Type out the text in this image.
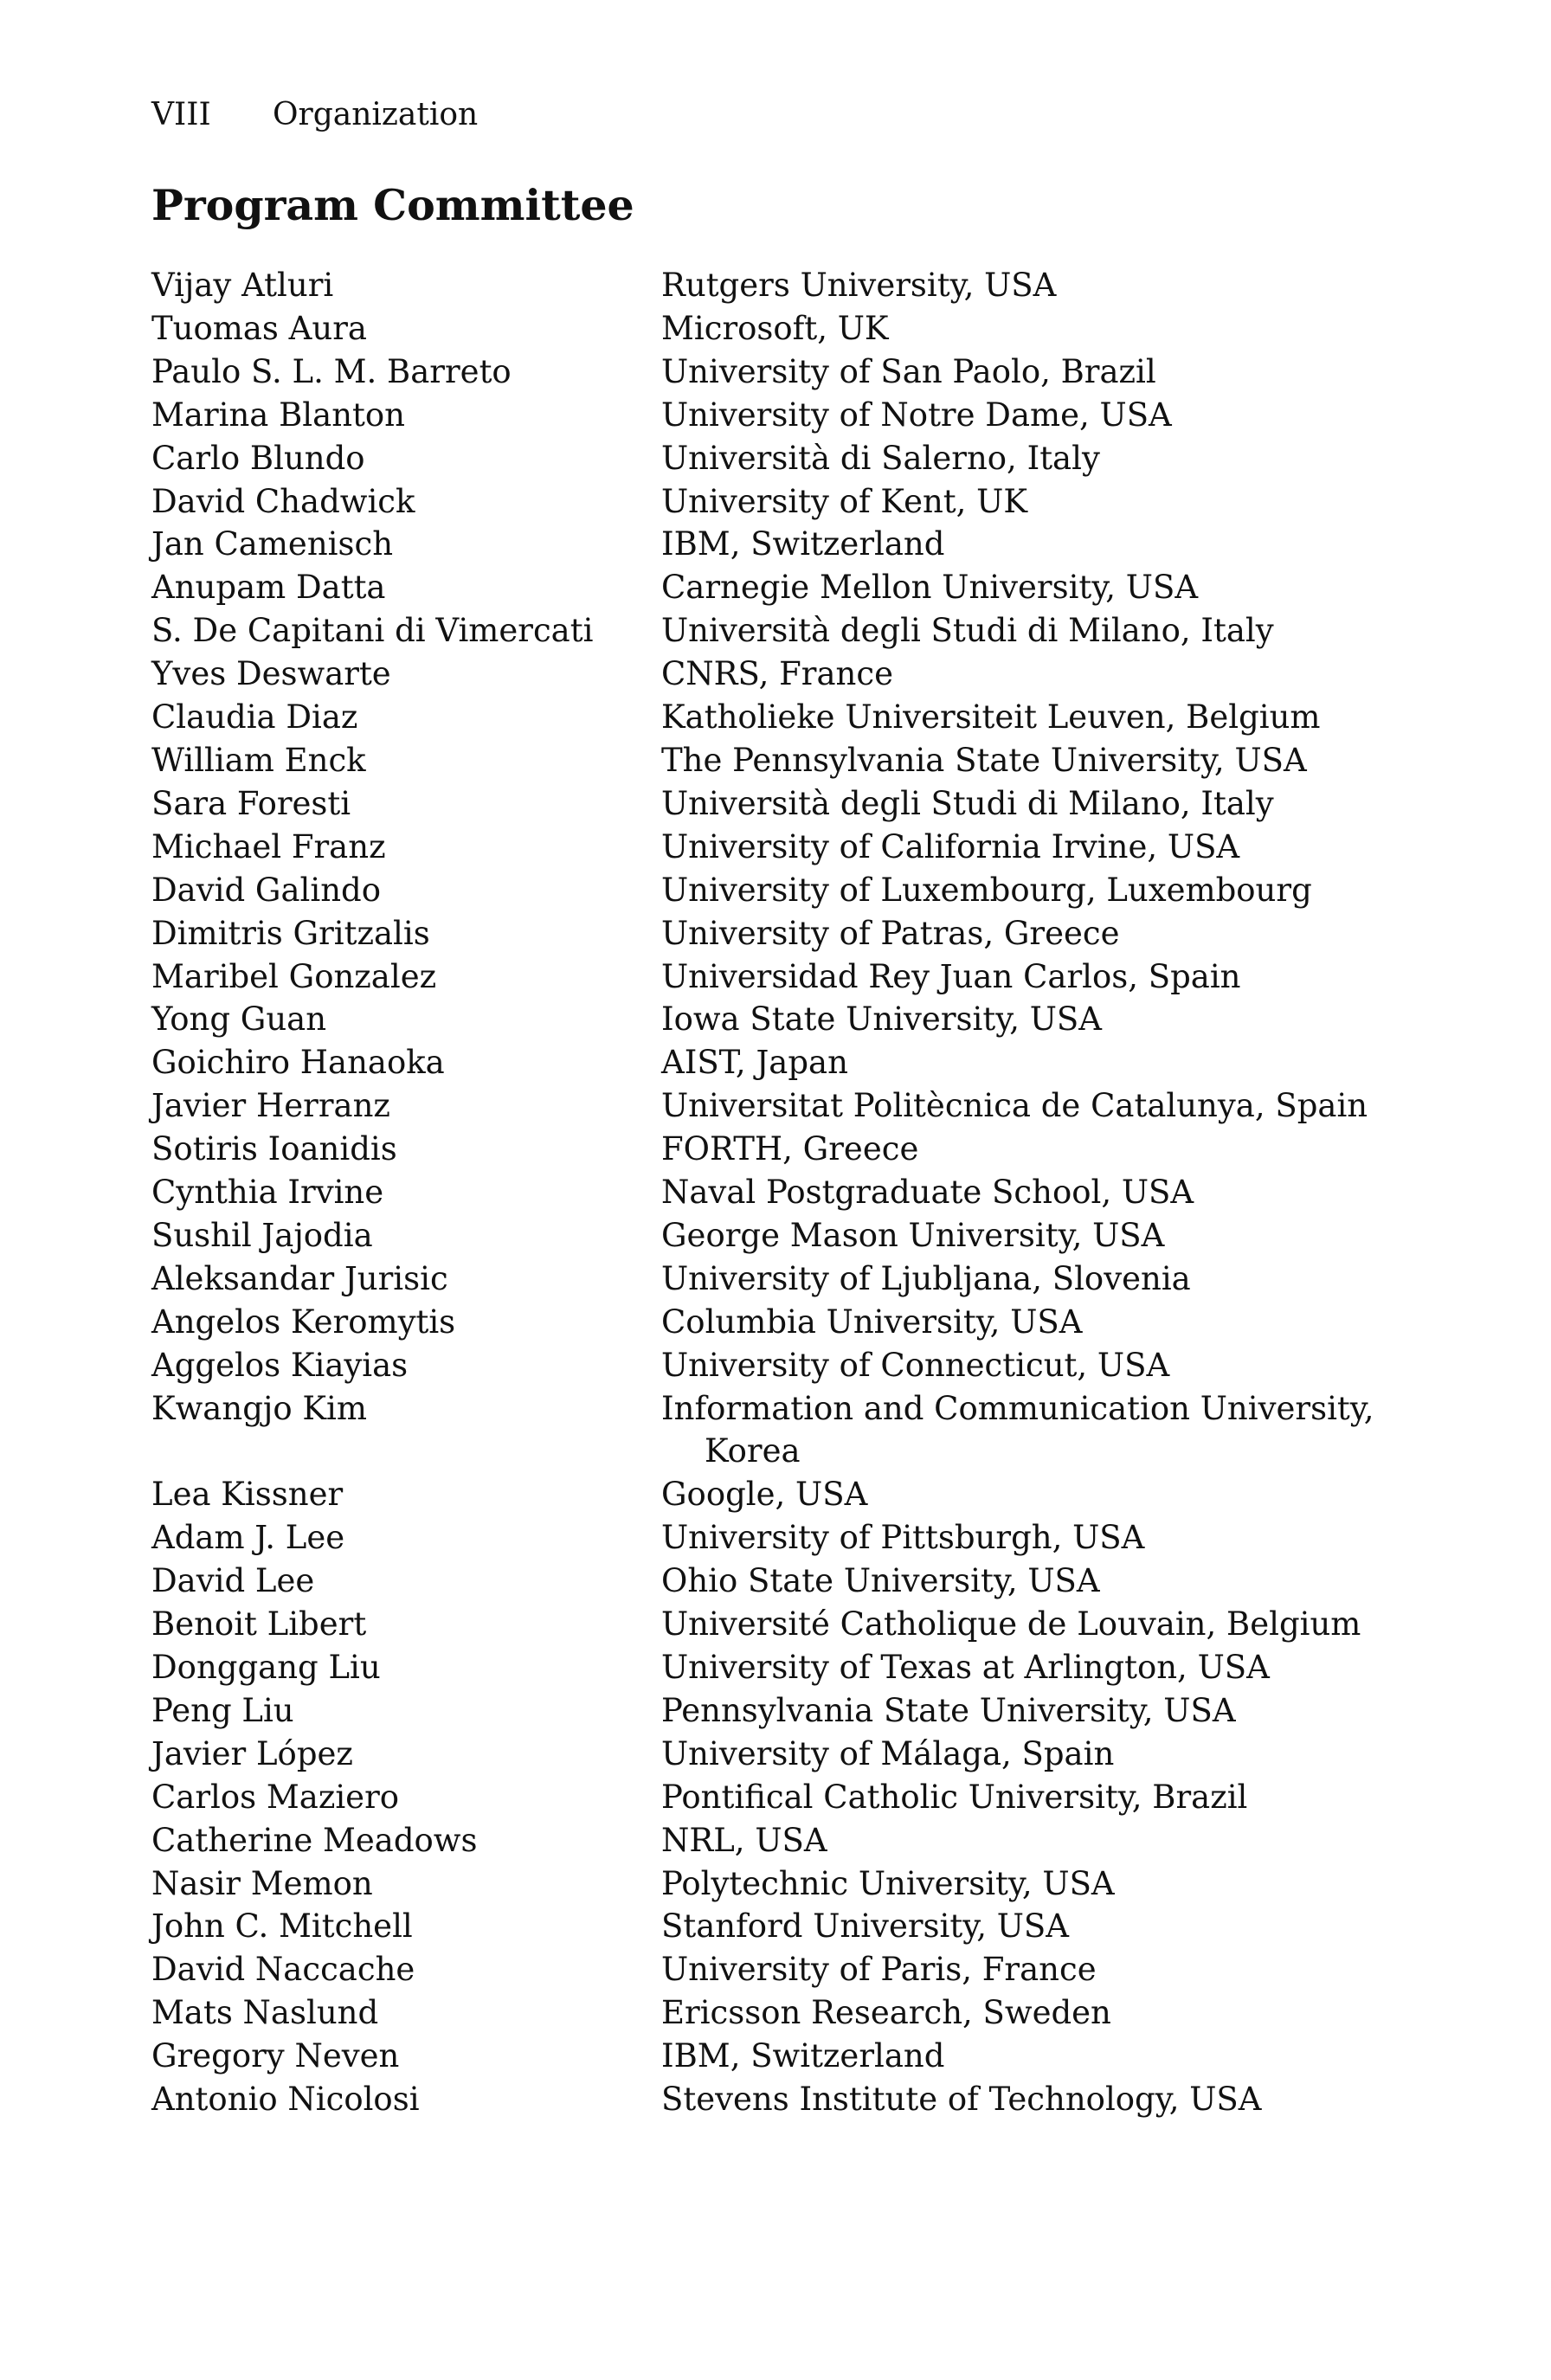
VIII Organization
Program Committee
Vijay Atluri	Rutgers University, USA
Tuomas Aura	Microsoft, UK
Paulo S. L. M. Barreto	University of San Paolo, Brazil
Marina Blanton	University of Notre Dame, USA
Carlo Blundo	Università di Salerno, Italy
David Chadwick	University of Kent, UK
Jan Camenisch	IBM, Switzerland
Anupam Datta	Carnegie Mellon University, USA
S. De Capitani di Vimercati	Università degli Studi di Milano, Italy
Yves Deswarte	CNRS, France
Claudia Diaz	Katholieke Universiteit Leuven, Belgium
William Enck	The Pennsylvania State University, USA
Sara Foresti	Università degli Studi di Milano, Italy
Michael Franz	University of California Irvine, USA
David Galindo	University of Luxembourg, Luxembourg
Dimitris Gritzalis	University of Patras, Greece
Maribel Gonzalez	Universidad Rey Juan Carlos, Spain
Yong Guan	Iowa State University, USA
Goichiro Hanaoka	AIST, Japan
Javier Herranz	Universitat Politècnica de Catalunya, Spain
Sotiris Ioanidis	FORTH, Greece
Cynthia Irvine	Naval Postgraduate School, USA
Sushil Jajodia	George Mason University, USA
Aleksandar Jurisic	University of Ljubljana, Slovenia
Angelos Keromytis	Columbia University, USA
Aggelos Kiayias	University of Connecticut, USA
Kwangjo Kim	Information and Communication University, Korea
Lea Kissner	Google, USA
Adam J. Lee	University of Pittsburgh, USA
David Lee	Ohio State University, USA
Benoit Libert	Université Catholique de Louvain, Belgium
Donggang Liu	University of Texas at Arlington, USA
Peng Liu	Pennsylvania State University, USA
Javier López	University of Málaga, Spain
Carlos Maziero	Pontifical Catholic University, Brazil
Catherine Meadows	NRL, USA
Nasir Memon	Polytechnic University, USA
John C. Mitchell	Stanford University, USA
David Naccache	University of Paris, France
Mats Naslund	Ericsson Research, Sweden
Gregory Neven	IBM, Switzerland
Antonio Nicolosi	Stevens Institute of Technology, USA
